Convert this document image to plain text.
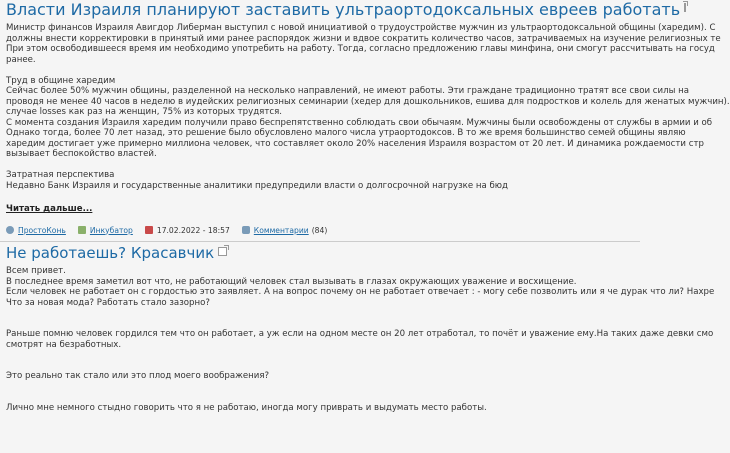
Власти Израиля планируют заставить ультраортодоксальных евреев работать

Министр финансов Израиля Авигдор Либерман выступил с новой инициативой о трудоустройстве мужчин из ультраортодоксальной общины (харедим). С

должны внести корректировки в принятый ими ранее распорядок жизни и вдвое сократить количество часов, затрачиваемых на изучение религиозных те

При этом освободившееся время им необходимо употребить на работу. Тогда, согласно предложению главы минфина, они смогут рассчитывать на госуд

ранее.

Труд в общине харедим

Сейчас более 50% мужчин общины, разделенной на несколько направлений, не имеют работы. Эти граждане традиционно тратят все свои силы на

проводя не менее 40 часов в неделю в иудейских религиозных семинарии (хедер для дошкольников, ешива для подростков и колель для женатых мужчин).

случае losses как раз на женщин, 75% из которых трудятся.

С момента создания Израиля харедим получили право беспрепятственно соблюдать свои обычаям. Мужчины были освобождены от службы в армии и об

Однако тогда, более 70 лет назад, это решение было обусловлено малого числа утраортодоксов. В то же время большинство семей общины являю

харедим достигает уже примерно миллиона человек, что составляет около 20% населения Израиля возрастом от 20 лет. И динамика рождаемости стр

вызывает беспокойство властей.

Затратная перспектива

Недавно Банк Израиля и государственные аналитики предупредили власти о долгосрочной нагрузке на бюд

Читать дальше...
ПростоКонь	Инкубатор	17.02.2022 - 18:57	Комментарии (84)
Не работаешь? Красавчик

Всем привет.

В последнее время заметил вот что, не работающий человек стал вызывать в глазах окружающих уважение и восхищение.

Если человек не работает он с гордостью это заявляет. А на вопрос почему он не работает отвечает : - могу себе позволить или я че дурак что ли? Нахре

Что за новая мода? Работать стало зазорно?

Раньше помню человек гордился тем что он работает, а уж если на одном месте он 20 лет отработал, то почёт и уважение ему.На таких даже девки смо

смотрят на безработных.

Это реально так стало или это плод моего воображения?

Лично мне немного стыдно говорить что я не работаю, иногда могу приврать и выдумать место работы.
